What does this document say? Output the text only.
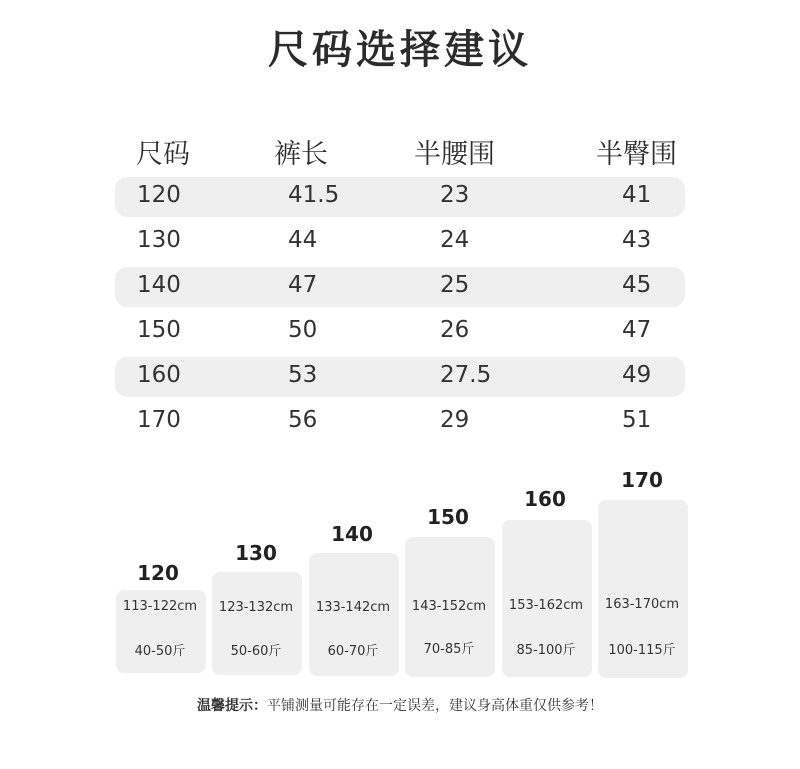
尺码选择建议
尺码	裤长	半腰围	半臀围
120	41.5	23	41
130	44	24	43
140	47	25	45
150	50	26	47
160	53	27.5	49
170	56	29	51
120
113-122cm
40-50斤
130
123-132cm
50-60斤
140
133-142cm
60-70斤
150
143-152cm
70-85斤
160
153-162cm
85-100斤
170
163-170cm
100-115斤
温馨提示：平铺测量可能存在一定误差，建议身高体重仅供参考！
